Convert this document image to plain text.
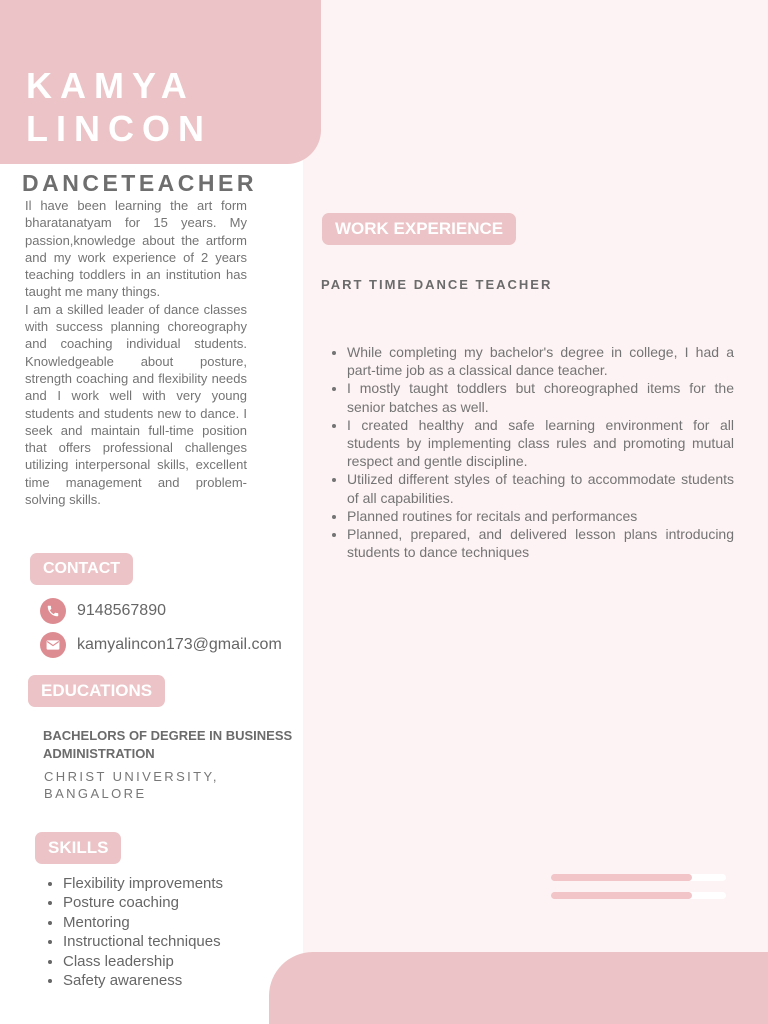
KAMYA
LINCON
DANCETEACHER

Il have been learning the art form bharatanatyam for 15 years. My passion,knowledge about the artform and my work experience of 2 years teaching toddlers in an institution has taught me many things.

I am a skilled leader of dance classes with success planning choreography and coaching individual students. Knowledgeable about posture, strength coaching and flexibility needs and I work well with very young students and students new to dance. I seek and maintain full-time position that offers professional challenges utilizing interpersonal skills, excellent time management and problem-solving skills.

CONTACT
9148567890
kamyalincon173@gmail.com
EDUCATIONS
BACHELORS OF DEGREE IN BUSINESS ADMINISTRATION
CHRIST UNIVERSITY, BANGALORE
SKILLS
• Flexibility improvements
• Posture coaching
• Mentoring
• Instructional techniques
• Class leadership
• Safety awareness
WORK EXPERIENCE
PART TIME DANCE TEACHER
• While completing my bachelor's degree in college, I had a part-time job as a classical dance teacher.
• I mostly taught toddlers but choreographed items for the senior batches as well.
• I created healthy and safe learning environment for all students by implementing class rules and promoting mutual respect and gentle discipline.
• Utilized different styles of teaching to accommodate students of all capabilities.
• Planned routines for recitals and performances
• Planned, prepared, and delivered lesson plans introducing students to dance techniques
